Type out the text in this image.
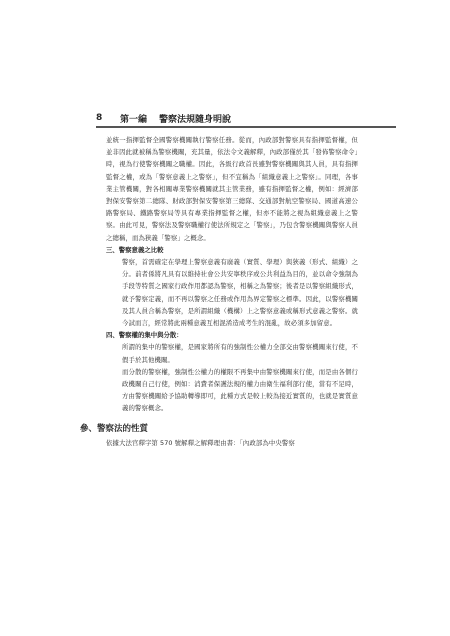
8	第一編 警察法規隨身明說

並統一指揮監督全國警察機關執行警察任務。從而，內政部對警察具有指揮監督權，但並非因此就被稱為警察機關，充其量，依法令文義解釋，內政部僅於其「發佈警察命令」時，視為行使警察機關之職權。因此，各級行政首長雖對警察機關與其人員，具有指揮監督之權，或為「警察意義上之警察」，但不宜稱為「組織意義上之警察」。同理，各事業主管機關，對各相關專業警察機關就其主管業務，雖有指揮監督之權，例如：經濟部對保安警察第二總隊、財政部對保安警察第三總隊、交通部對航空警察局、國道高速公路警察局、鐵路警察局等具有專業指揮監督之權，但亦不能將之視為組織意義上之警察。由此可見，警察法及警察職權行使法所規定之「警察」，乃包含警察機關與警察人員之總稱，而為狹義「警察」之概念。

三、警察意義之比較

警察，首需確定在學理上警察意義有廣義（實質、學理）與狹義（形式、組織）之分。前者係將凡具有以維持社會公共安寧秩序或公共利益為目的，並以命令強制為手段等特質之國家行政作用都認為警察，相稱之為警察；後者是以警察組織形式，就予警察定義，而不再以警察之任務或作用為界定警察之標準。因此，以警察機關及其人員合稱為警察，是所謂組織（機構）上之警察意義或稱形式意義之警察。就今試而言，經常將此兩種意義互相混淆造成考生的混亂，故必須多加留意。

四、警察權的集中與分散：

所謂的集中的警察權，是國家將所有的強制性公權力全部交由警察機關來行使，不假手於其他機關。

而分散的警察權，強制性公權力的權限不再集中由警察機關來行使，而是由各個行政機關自己行使，例如：消費者保護法規的權力由衛生福利部行使，當有不足時，方由警察機關給予協助轉導即可，此種方式是較上較為接近實質的，也就是實質意義的警察概念。

參、警察法的性質

依據大法官釋字第 570 號解釋之解釋理由書：「內政部為中央警察
